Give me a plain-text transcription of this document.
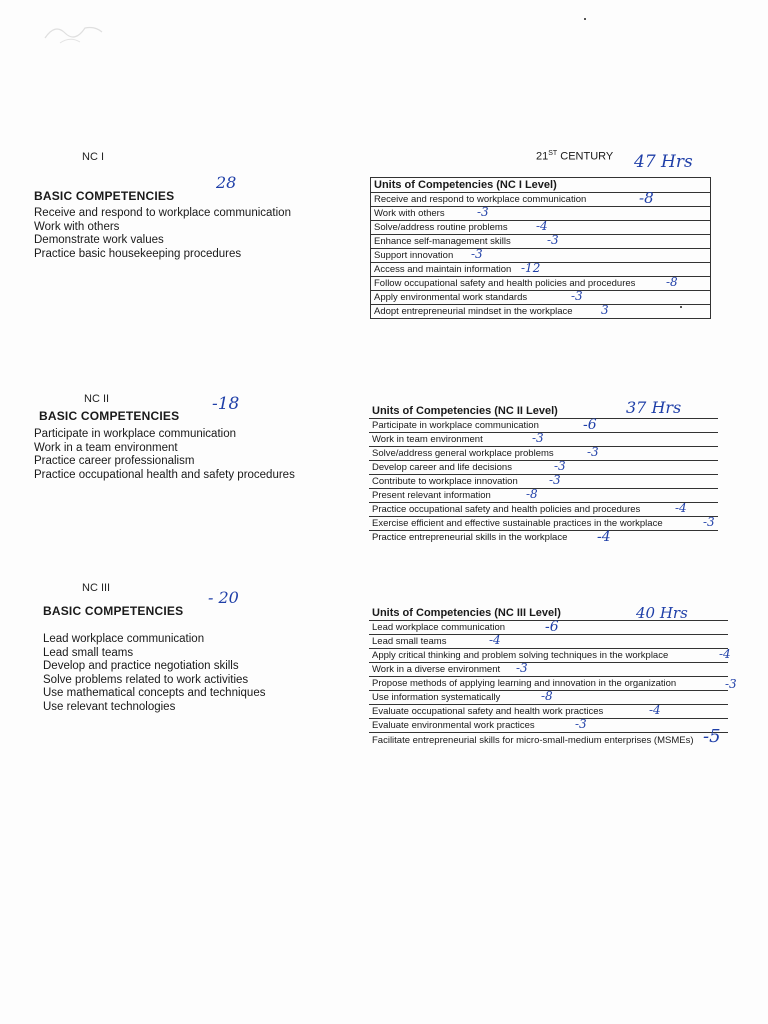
NC I
BASIC COMPETENCIES
28
Receive and respond to workplace communication
Work with others
Demonstrate work values
Practice basic housekeeping procedures
21ST CENTURY 47 Hrs
Units of Competencies (NC I Level)
Receive and respond to workplace communication	-8

Work with others	-3

Solve/address routine problems -4

Enhance self-management skills	-3

Support innovation -3

Access and maintain information -12

Follow occupational safety and health policies and procedures	-8

Apply environmental work standards	-3

Adopt entrepreneurial mindset in the workplace 3
NC II
BASIC COMPETENCIES
-18
Participate in workplace communication
Work in a team environment
Practice career professionalism
Practice occupational health and safety procedures
37 Hrs
Units of Competencies (NC II Level)
Participate in workplace communication	-6

Work in team environment	-3

Solve/address general workplace problems	-3

Develop career and life decisions	-3

Contribute to workplace innovation	-3

Present relevant information	-8

Practice occupational safety and health policies and procedures	-4

Exercise efficient and effective sustainable practices in the workplace	-3

Practice entrepreneurial skills in the workplace -4
NC III
BASIC COMPETENCIES
- 20
Lead workplace communication
Lead small teams
Develop and practice negotiation skills
Solve problems related to work activities
Use mathematical concepts and techniques
Use relevant technologies
40 Hrs
Units of Competencies (NC III Level)
Lead workplace communication	-6

Lead small teams	-4

Apply critical thinking and problem solving techniques in the workplace	-4

Work in a diverse environment -3

Propose methods of applying learning and innovation in the organization	-3

Use information systematically	-8

Evaluate occupational safety and health work practices	-4

Evaluate environmental work practices	-3

Facilitate entrepreneurial skills for micro-small-medium enterprises (MSMEs) -5
